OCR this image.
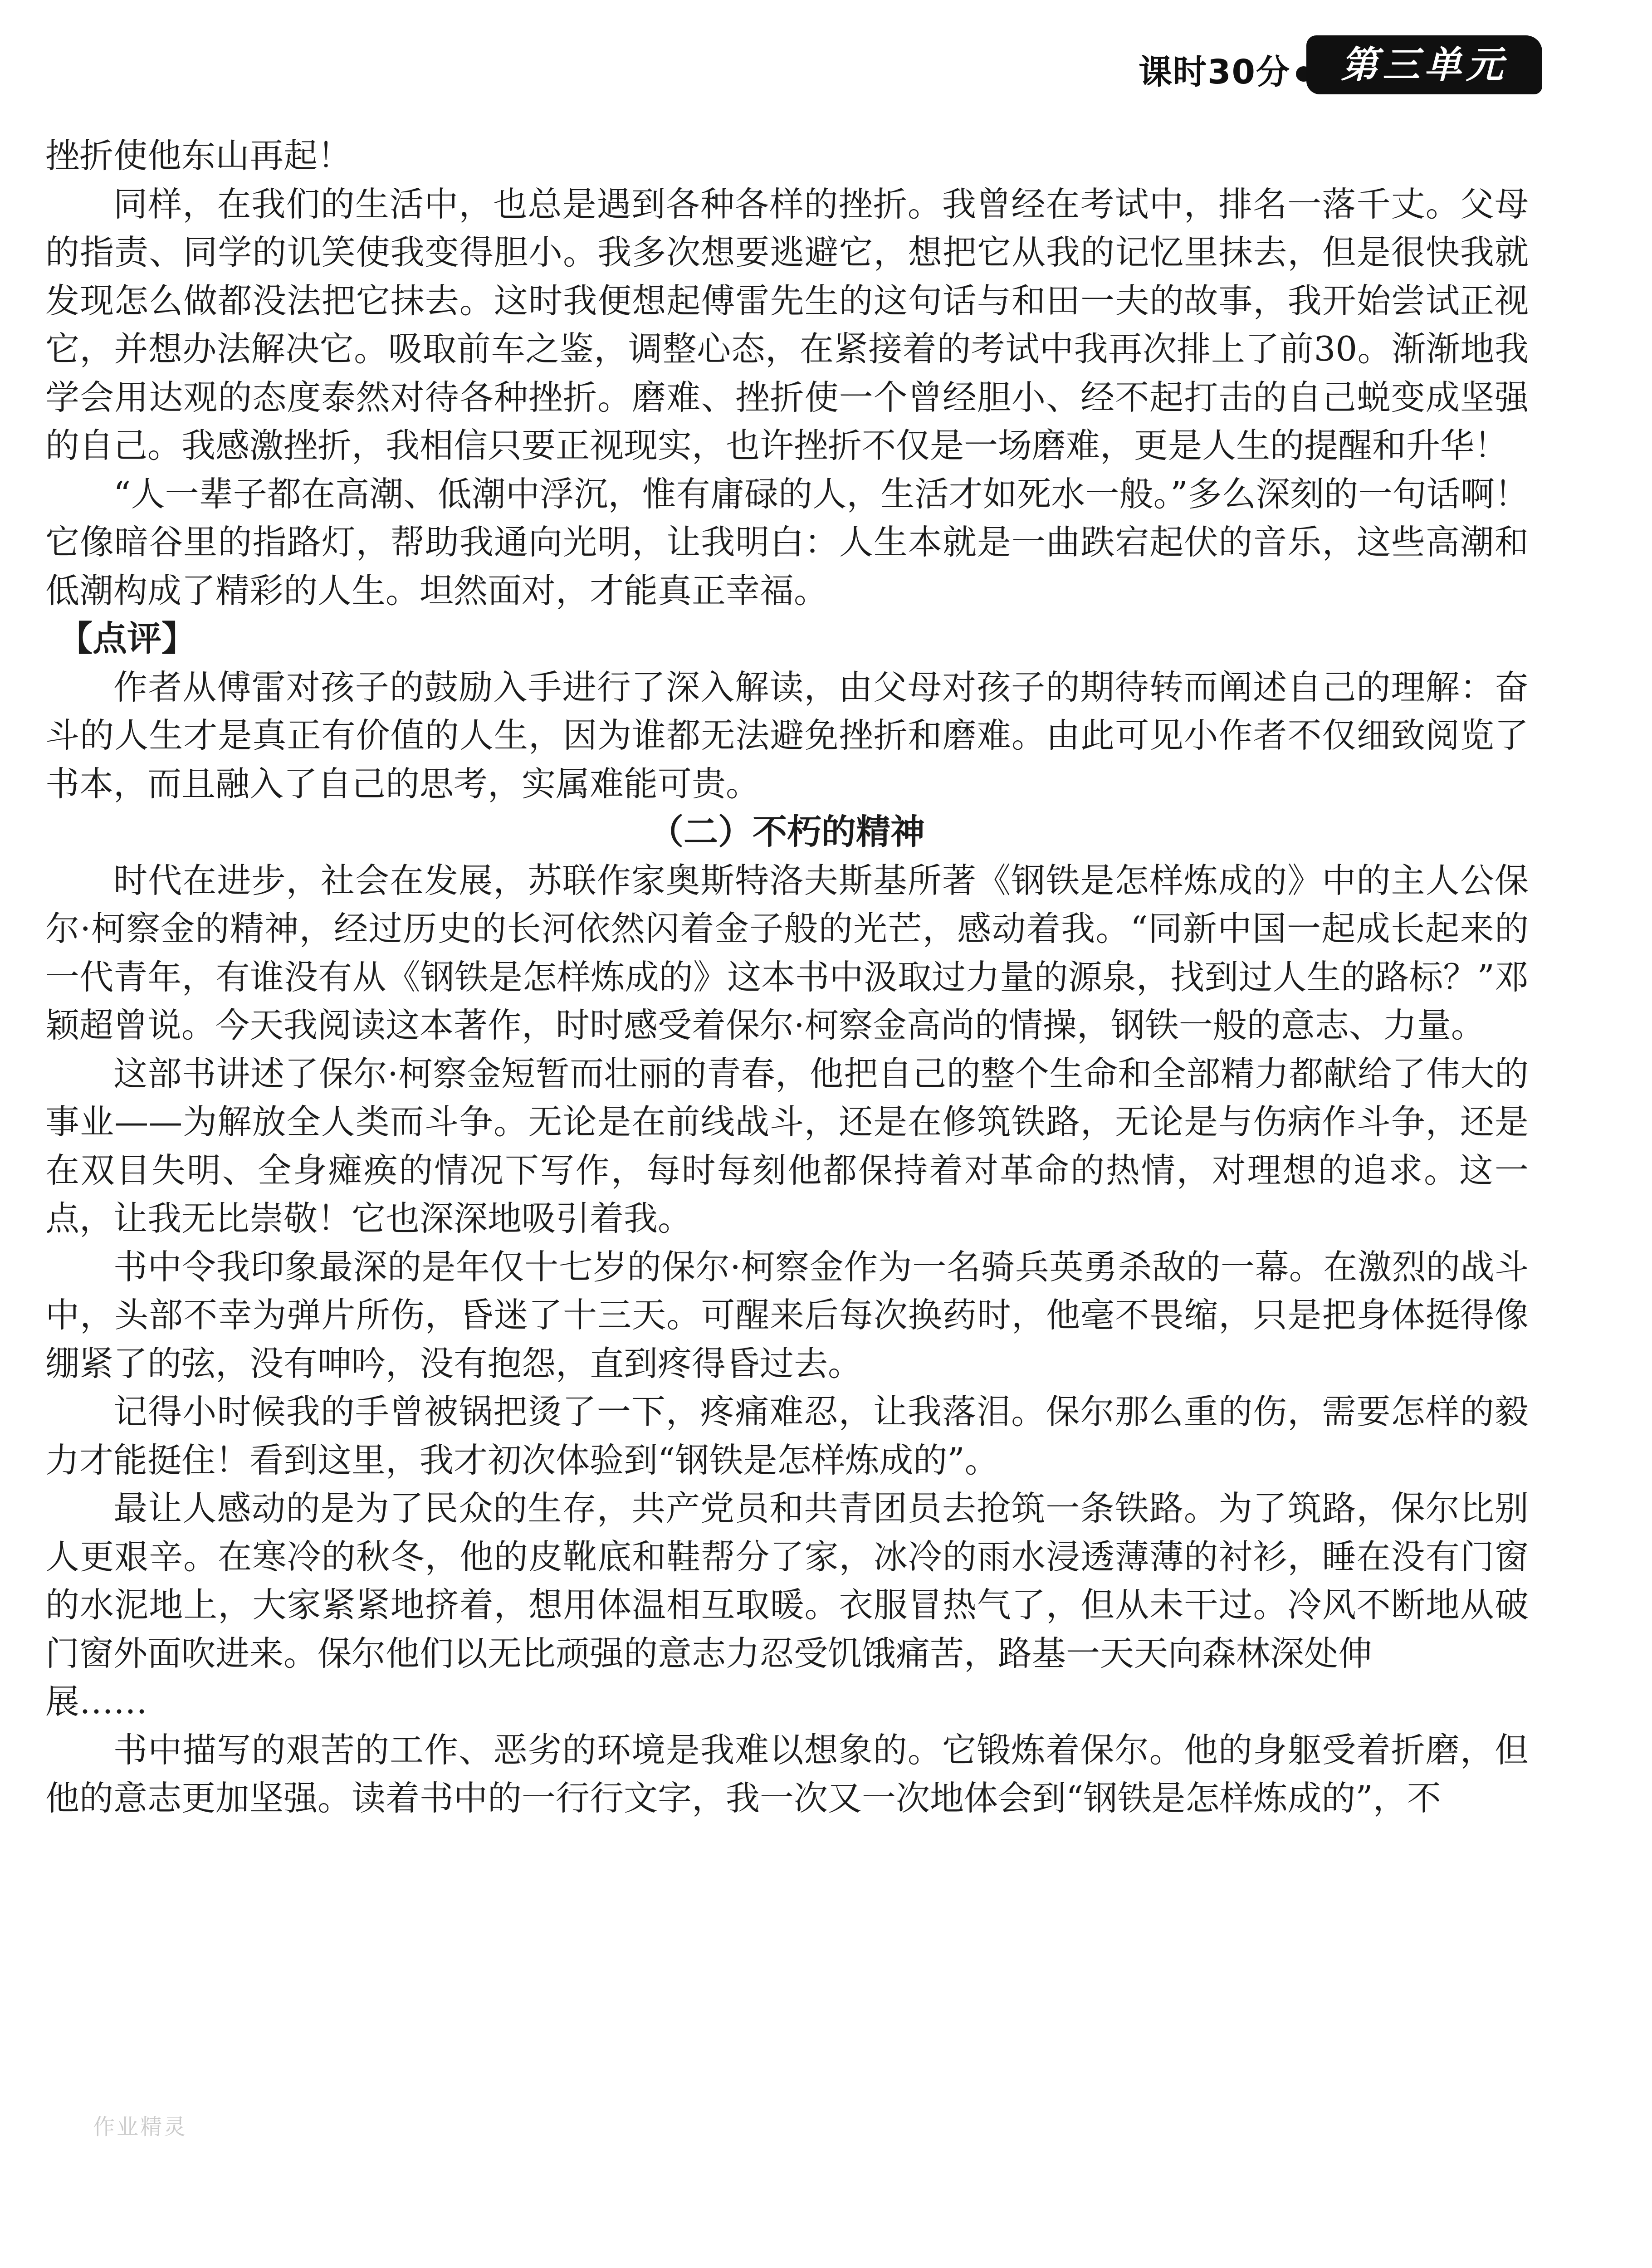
课时30分	第三单元

挫折使他东山再起！

同样，在我们的生活中，也总是遇到各种各样的挫折。我曾经在考试中，排名一落千丈。父母的指责、同学的讥笑使我变得胆小。我多次想要逃避它，想把它从我的记忆里抹去，但是很快我就发现怎么做都没法把它抹去。这时我便想起傅雷先生的这句话与和田一夫的故事，我开始尝试正视它，并想办法解决它。吸取前车之鉴，调整心态，在紧接着的考试中我再次排上了前30。渐渐地我学会用达观的态度泰然对待各种挫折。磨难、挫折使一个曾经胆小、经不起打击的自己蜕变成坚强的自己。我感激挫折，我相信只要正视现实，也许挫折不仅是一场磨难，更是人生的提醒和升华！

“人一辈子都在高潮、低潮中浮沉，惟有庸碌的人，生活才如死水一般。”多么深刻的一句话啊！它像暗谷里的指路灯，帮助我通向光明，让我明白：人生本就是一曲跌宕起伏的音乐，这些高潮和低潮构成了精彩的人生。坦然面对，才能真正幸福。

【点评】

作者从傅雷对孩子的鼓励入手进行了深入解读，由父母对孩子的期待转而阐述自己的理解：奋斗的人生才是真正有价值的人生，因为谁都无法避免挫折和磨难。由此可见小作者不仅细致阅览了书本，而且融入了自己的思考，实属难能可贵。

（二）不朽的精神

时代在进步，社会在发展，苏联作家奥斯特洛夫斯基所著《钢铁是怎样炼成的》中的主人公保尔·柯察金的精神，经过历史的长河依然闪着金子般的光芒，感动着我。“同新中国一起成长起来的一代青年，有谁没有从《钢铁是怎样炼成的》这本书中汲取过力量的源泉，找到过人生的路标？”邓颖超曾说。今天我阅读这本著作，时时感受着保尔·柯察金高尚的情操，钢铁一般的意志、力量。

这部书讲述了保尔·柯察金短暂而壮丽的青春，他把自己的整个生命和全部精力都献给了伟大的事业——为解放全人类而斗争。无论是在前线战斗，还是在修筑铁路，无论是与伤病作斗争，还是在双目失明、全身瘫痪的情况下写作，每时每刻他都保持着对革命的热情，对理想的追求。这一点，让我无比崇敬！它也深深地吸引着我。

书中令我印象最深的是年仅十七岁的保尔·柯察金作为一名骑兵英勇杀敌的一幕。在激烈的战斗中，头部不幸为弹片所伤，昏迷了十三天。可醒来后每次换药时，他毫不畏缩，只是把身体挺得像绷紧了的弦，没有呻吟，没有抱怨，直到疼得昏过去。

记得小时候我的手曾被锅把烫了一下，疼痛难忍，让我落泪。保尔那么重的伤，需要怎样的毅力才能挺住！看到这里，我才初次体验到“钢铁是怎样炼成的”。

最让人感动的是为了民众的生存，共产党员和共青团员去抢筑一条铁路。为了筑路，保尔比别人更艰辛。在寒冷的秋冬，他的皮靴底和鞋帮分了家，冰冷的雨水浸透薄薄的衬衫，睡在没有门窗的水泥地上，大家紧紧地挤着，想用体温相互取暖。衣服冒热气了，但从未干过。冷风不断地从破门窗外面吹进来。保尔他们以无比顽强的意志力忍受饥饿痛苦，路基一天天向森林深处伸

展……

书中描写的艰苦的工作、恶劣的环境是我难以想象的。它锻炼着保尔。他的身躯受着折磨，但他的意志更加坚强。读着书中的一行行文字，我一次又一次地体会到“钢铁是怎样炼成的”，不

作业精灵
